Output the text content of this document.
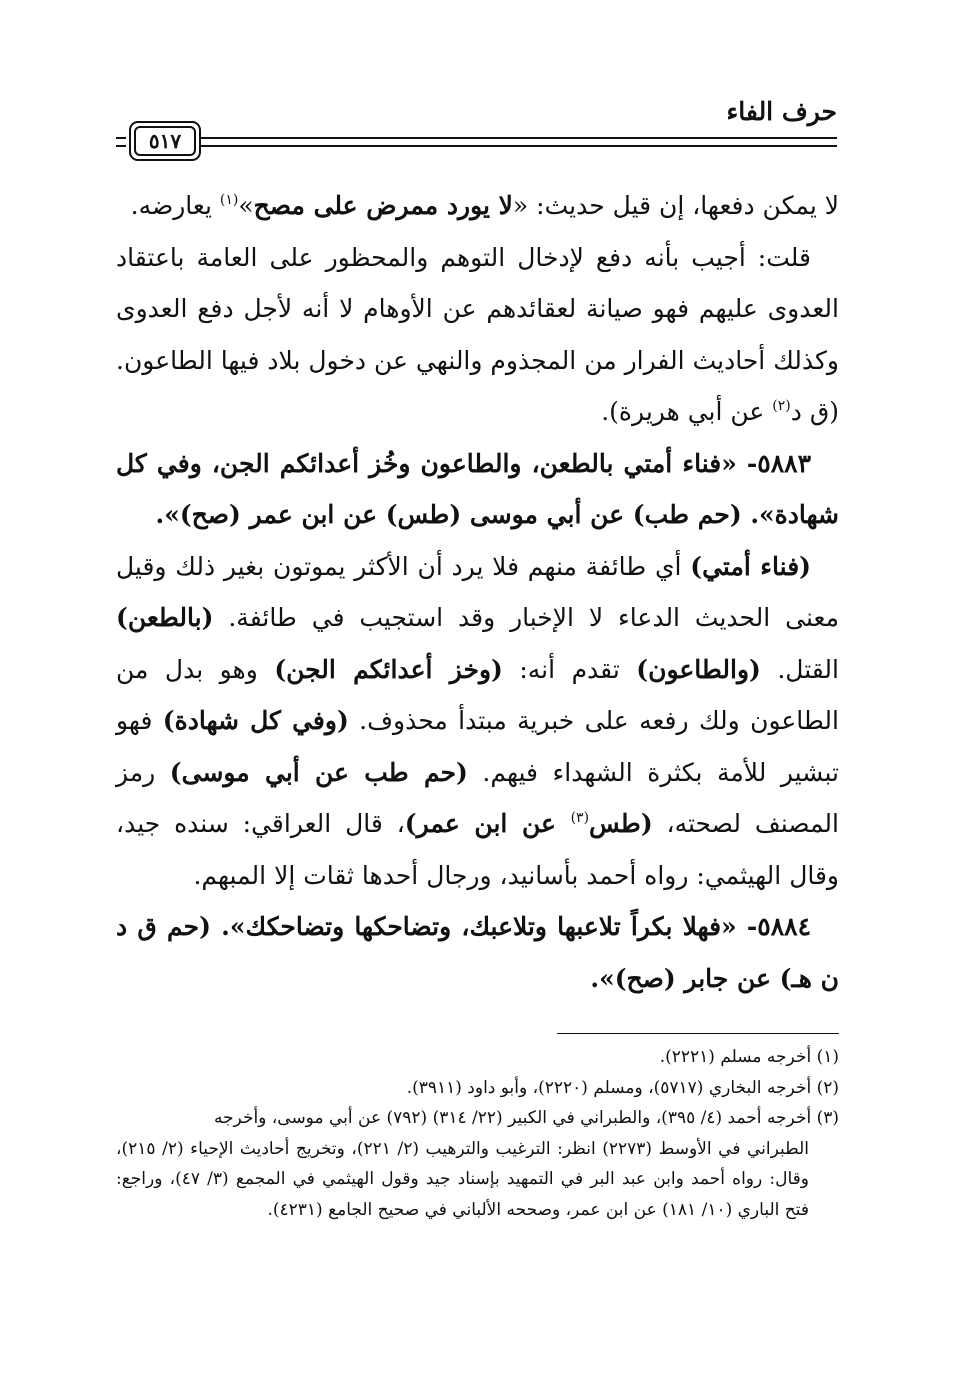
حرف الفاء
٥١٧

لا يمكن دفعها، إن قيل حديث: «لا يورد ممرض على مصح»$^{(١)}$ يعارضه.

قلت: أجيب بأنه دفع لإدخال التوهم والمحظور على العامة باعتقاد العدوى عليهم فهو صيانة لعقائدهم عن الأوهام لا أنه لأجل دفع العدوى وكذلك أحاديث الفرار من المجذوم والنهي عن دخول بلاد فيها الطاعون. (ق د$^{(٢)}$ عن أبي هريرة).

٥٨٨٣- «فناء أمتي بالطعن، والطاعون وخُز أعدائكم الجن، وفي كل شهادة». (حم طب) عن أبي موسى (طس) عن ابن عمر (صح)».

(فناء أمتي) أي طائفة منهم فلا يرد أن الأكثر يموتون بغير ذلك وقيل معنى الحديث الدعاء لا الإخبار وقد استجيب في طائفة. (بالطعن) القتل. (والطاعون) تقدم أنه: (وخز أعدائكم الجن) وهو بدل من الطاعون ولك رفعه على خبرية مبتدأ محذوف. (وفي كل شهادة) فهو تبشير للأمة بكثرة الشهداء فيهم. (حم طب عن أبي موسى) رمز المصنف لصحته، (طس$^{(٣)}$ عن ابن عمر)، قال العراقي: سنده جيد، وقال الهيثمي: رواه أحمد بأسانيد، ورجال أحدها ثقات إلا المبهم.

٥٨٨٤- «فهلا بكراً تلاعبها وتلاعبك، وتضاحكها وتضاحكك». (حم ق د ن هـ) عن جابر (صح)».

(١) أخرجه مسلم (٢٢٢١).

(٢) أخرجه البخاري (٥٧١٧)، ومسلم (٢٢٢٠)، وأبو داود (٣٩١١).

(٣) أخرجه أحمد (٤/ ٣٩٥)، والطبراني في الكبير (٢٢/ ٣١٤) (٧٩٢) عن أبي موسى، وأخرجه

الطبراني في الأوسط (٢٢٧٣) انظر: الترغيب والترهيب (٢/ ٢٢١)، وتخريج أحاديث الإحياء (٢/ ٢١٥)، وقال: رواه أحمد وابن عبد البر في التمهيد بإسناد جيد وقول الهيثمي في المجمع (٣/ ٤٧)، وراجع: فتح الباري (١٠/ ١٨١) عن ابن عمر، وصححه الألباني في صحيح الجامع (٤٢٣١).
